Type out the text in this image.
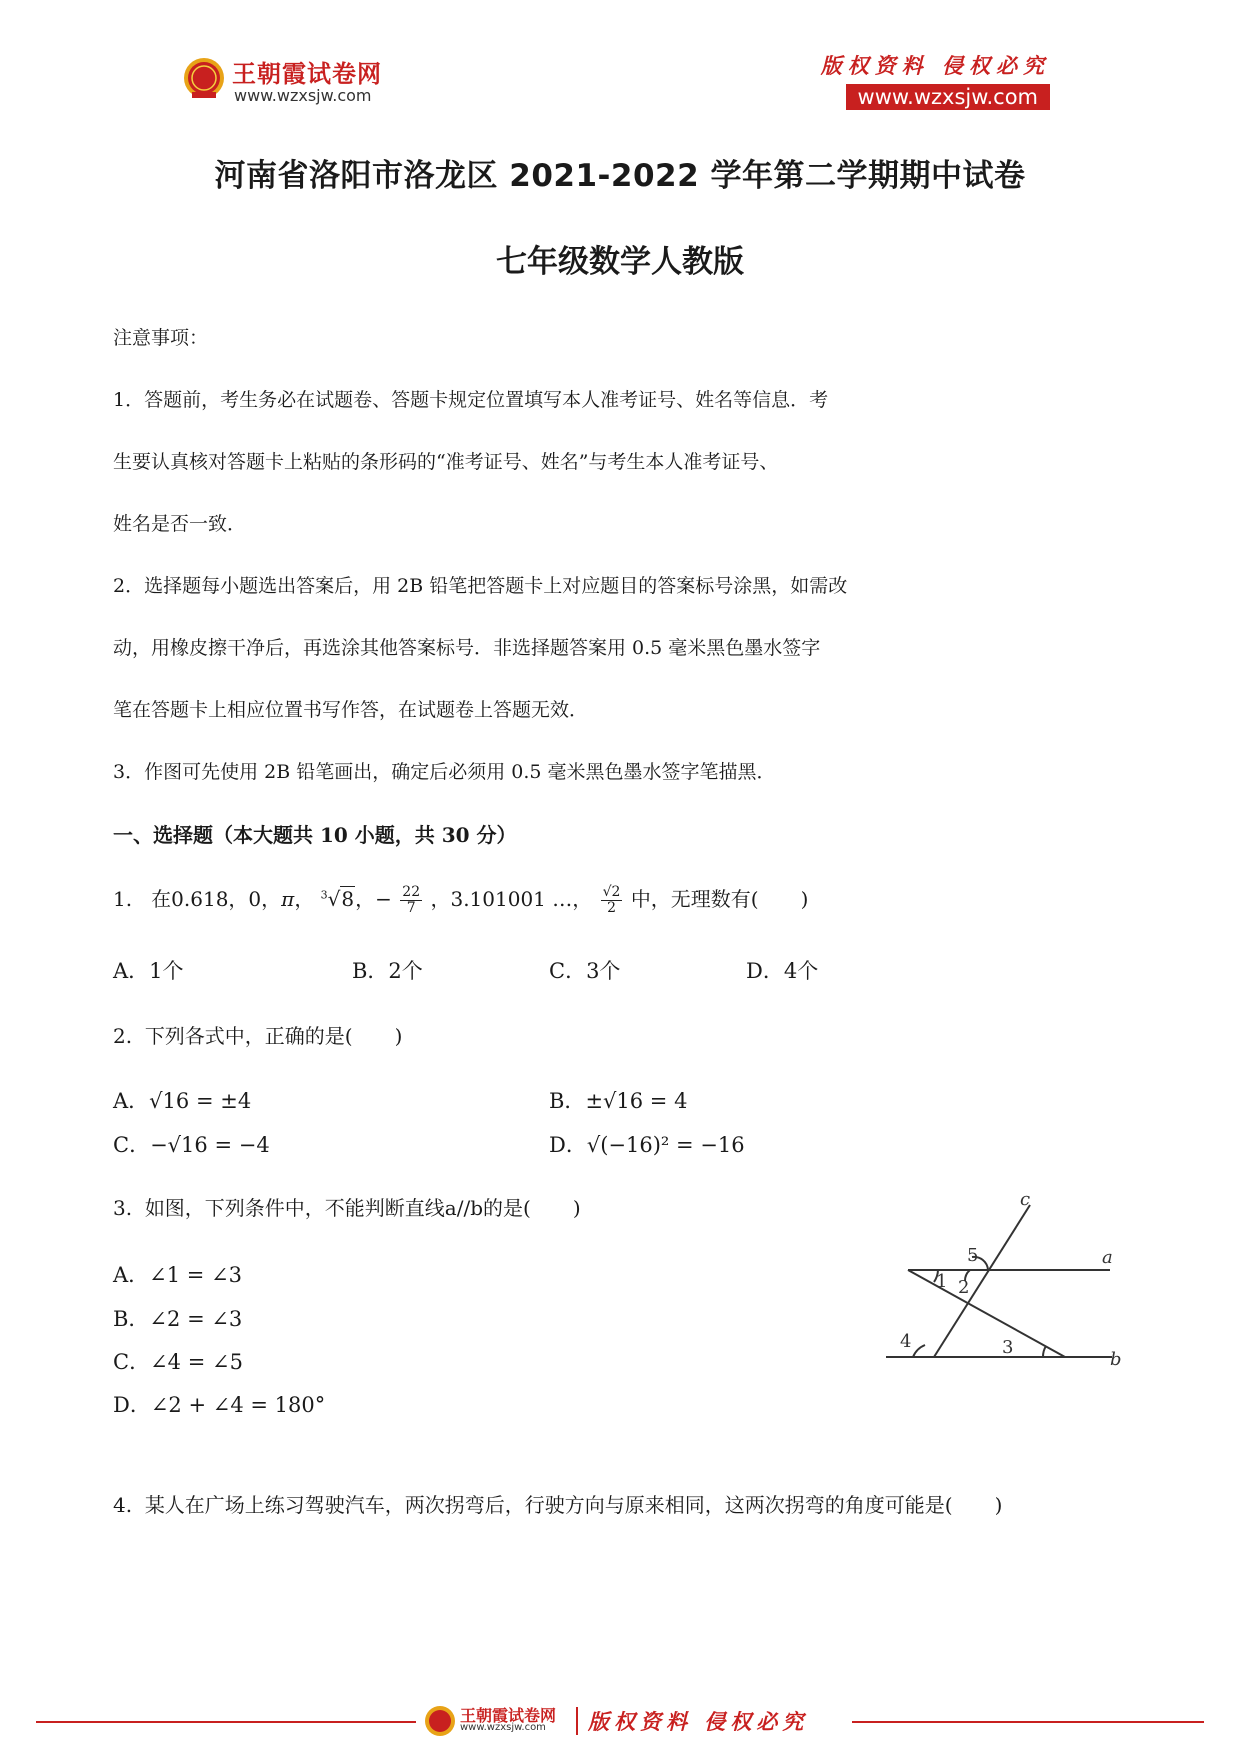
王朝霞试卷网
www.wzxsjw.com
版权资料 侵权必究
www.wzxsjw.com
河南省洛阳市洛龙区 2021-2022 学年第二学期期中试卷
七年级数学人教版
注意事项：
1．答题前，考生务必在试题卷、答题卡规定位置填写本人准考证号、姓名等信息．考
生要认真核对答题卡上粘贴的条形码的“准考证号、姓名”与考生本人准考证号、
姓名是否一致．
2．选择题每小题选出答案后，用 2B 铅笔把答题卡上对应题目的答案标号涂黑，如需改
动，用橡皮擦干净后，再选涂其他答案标号．非选择题答案用 0.5 毫米黑色墨水签字
笔在答题卡上相应位置书写作答，在试题卷上答题无效．
3．作图可先使用 2B 铅笔画出，确定后必须用 0.5 毫米黑色墨水签字笔描黑．
一、选择题（本大题共 10 小题，共 30 分）
1. 在0.618，0，π， $^3$√8，− $\frac{22}{7}$ ，3.101001 …， $\frac{√2}{2}$ 中，无理数有( )
A．1个	B．2个	C．3个	D．4个
2. 下列各式中，正确的是( )
A．√16 = ±4	B．±√16 = 4
C．−√16 = −4	D．√(−16)² = −16
3. 如图，下列条件中，不能判断直线a//b的是( )
A．∠1 = ∠3
B．∠2 = ∠3
C．∠4 = ∠5
D．∠2 + ∠4 = 180°
c
a
b
1 2
3
4
5
4. 某人在广场上练习驾驶汽车，两次拐弯后，行驶方向与原来相同，这两次拐弯的角度可能是( )
王朝霞试卷网
www.wzxsjw.com 版权资料 侵权必究
